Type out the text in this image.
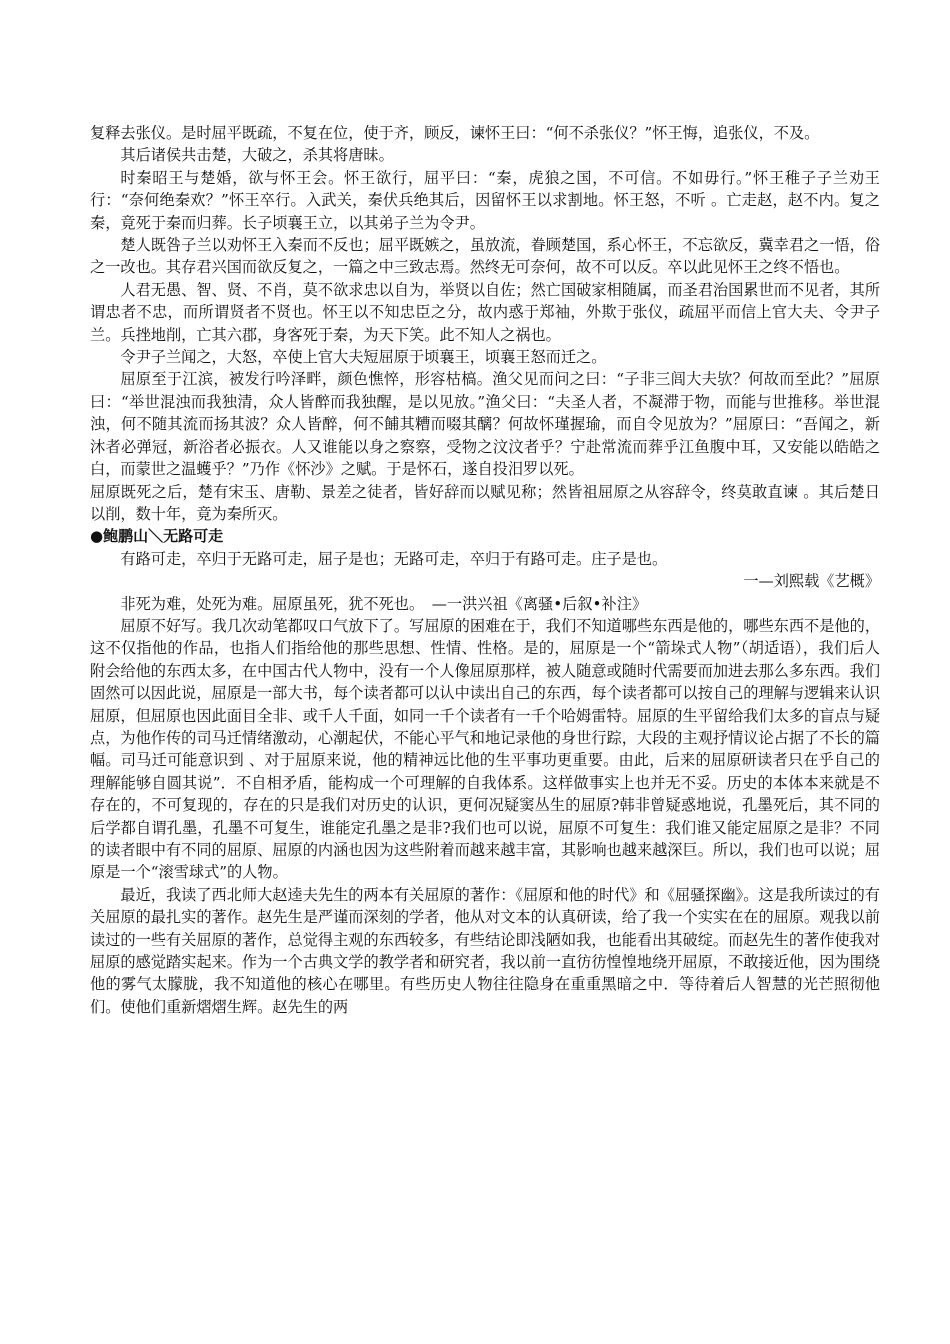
复释去张仪。是时屈平既疏，不复在位，使于齐，顾反，谏怀王曰：“何不杀张仪？”怀王悔，追张仪，不及。

其后诸侯共击楚，大破之，杀其将唐昧。

时秦昭王与楚婚，欲与怀王会。怀王欲行，屈平曰：“秦，虎狼之国，不可信。不如毋行。”怀王稚子子兰劝王行：“奈何绝秦欢？”怀王卒行。入武关，秦伏兵绝其后，因留怀王以求割地。怀王怒，不听 。亡走赵，赵不内。复之秦，竟死于秦而归葬。长子顷襄王立，以其弟子兰为令尹。

楚人既咎子兰以劝怀王入秦而不反也；屈平既嫉之，虽放流，眷顾楚国，系心怀王，不忘欲反，冀幸君之一悟，俗之一改也。其存君兴国而欲反复之，一篇之中三致志焉。然终无可奈何，故不可以反。卒以此见怀王之终不悟也。

人君无愚、智、贤、不肖，莫不欲求忠以自为，举贤以自佐；然亡国破家相随属，而圣君治国累世而不见者，其所谓忠者不忠，而所谓贤者不贤也。怀王以不知忠臣之分，故内惑于郑袖，外欺于张仪，疏屈平而信上官大夫、令尹子兰。兵挫地削，亡其六郡，身客死于秦，为天下笑。此不知人之祸也。

令尹子兰闻之，大怒，卒使上官大夫短屈原于顷襄王，顷襄王怒而迁之。

屈原至于江滨，被发行吟泽畔，颜色憔悴，形容枯槁。渔父见而问之曰：“子非三闾大夫欤？何故而至此？”屈原曰：“举世混浊而我独清，众人皆醉而我独醒，是以见放。”渔父曰：“夫圣人者，不凝滞于物，而能与世推移。举世混浊，何不随其流而扬其波？众人皆醉，何不餔其糟而啜其醨？何故怀瑾握瑜，而自令见放为？”屈原曰：“吾闻之，新沐者必弹冠，新浴者必振衣。人又谁能以身之察察，受物之汶汶者乎？宁赴常流而葬乎江鱼腹中耳，又安能以皓皓之白，而蒙世之温蠖乎？”乃作《怀沙》之赋。于是怀石，遂自投汨罗以死。

屈原既死之后，楚有宋玉、唐勒、景差之徒者，皆好辞而以赋见称；然皆祖屈原之从容辞令，终莫敢直谏 。其后楚日以削，数十年，竟为秦所灭。

●鲍鹏山＼无路可走

有路可走，卒归于无路可走，屈子是也；无路可走，卒归于有路可走。庄子是也。

一—刘熙载《艺概》

非死为难，处死为难。屈原虽死，犹不死也。　—一洪兴祖《离骚•后叙•补注》

屈原不好写。我几次动笔都叹口气放下了。写屈原的困难在于，我们不知道哪些东西是他的，哪些东西不是他的，这不仅指他的作品，也指人们指给他的那些思想、性情、性格。是的，屈原是一个“箭垛式人物”（胡适语），我们后人附会给他的东西太多，在中国古代人物中，没有一个人像屈原那样，被人随意或随时代需要而加进去那么多东西。我们固然可以因此说，屈原是一部大书，每个读者都可以认中读出自己的东西，每个读者都可以按自己的理解与逻辑来认识屈原，但屈原也因此面目全非、或千人千面，如同一千个读者有一千个哈姆雷特。屈原的生平留给我们太多的盲点与疑点，为他作传的司马迁情绪激动，心潮起伏，不能心平气和地记录他的身世行踪，大段的主观抒情议论占据了不长的篇幅。司马迁可能意识到 、对于屈原来说，他的精神远比他的生平事功更重要。由此，后来的屈原研读者只在乎自己的理解能够自圆其说”．不自相矛盾，能构成一个可理解的自我体系。这样做事实上也并无不妥。历史的本体本来就是不存在的，不可复现的，存在的只是我们对历史的认识，更何况疑窦丛生的屈原?韩非曾疑惑地说，孔墨死后，其不同的后学都自谓孔墨，孔墨不可复生，谁能定孔墨之是非?我们也可以说，屈原不可复生：我们谁又能定屈原之是非？不同的读者眼中有不同的屈原、屈原的内涵也因为这些附着而越来越丰富，其影响也越来越深巨。所以，我们也可以说；屈原是一个“滚雪球式”的人物。

最近，我读了西北师大赵逵夫先生的两本有关屈原的著作：《屈原和他的时代》和《屈骚探幽》。这是我所读过的有关屈原的最扎实的著作。赵先生是严谨而深刻的学者，他从对文本的认真研读，给了我一个实实在在的屈原。观我以前读过的一些有关屈原的著作，总觉得主观的东西较多，有些结论即浅陋如我，也能看出其破绽。而赵先生的著作使我对屈原的感觉踏实起来。作为一个古典文学的教学者和研究者，我以前一直彷彷惶惶地绕开屈原，不敢接近他，因为围绕他的雾气太朦胧，我不知道他的核心在哪里。有些历史人物往往隐身在重重黑暗之中．等待着后人智慧的光芒照彻他们。使他们重新熠熠生辉。赵先生的两
